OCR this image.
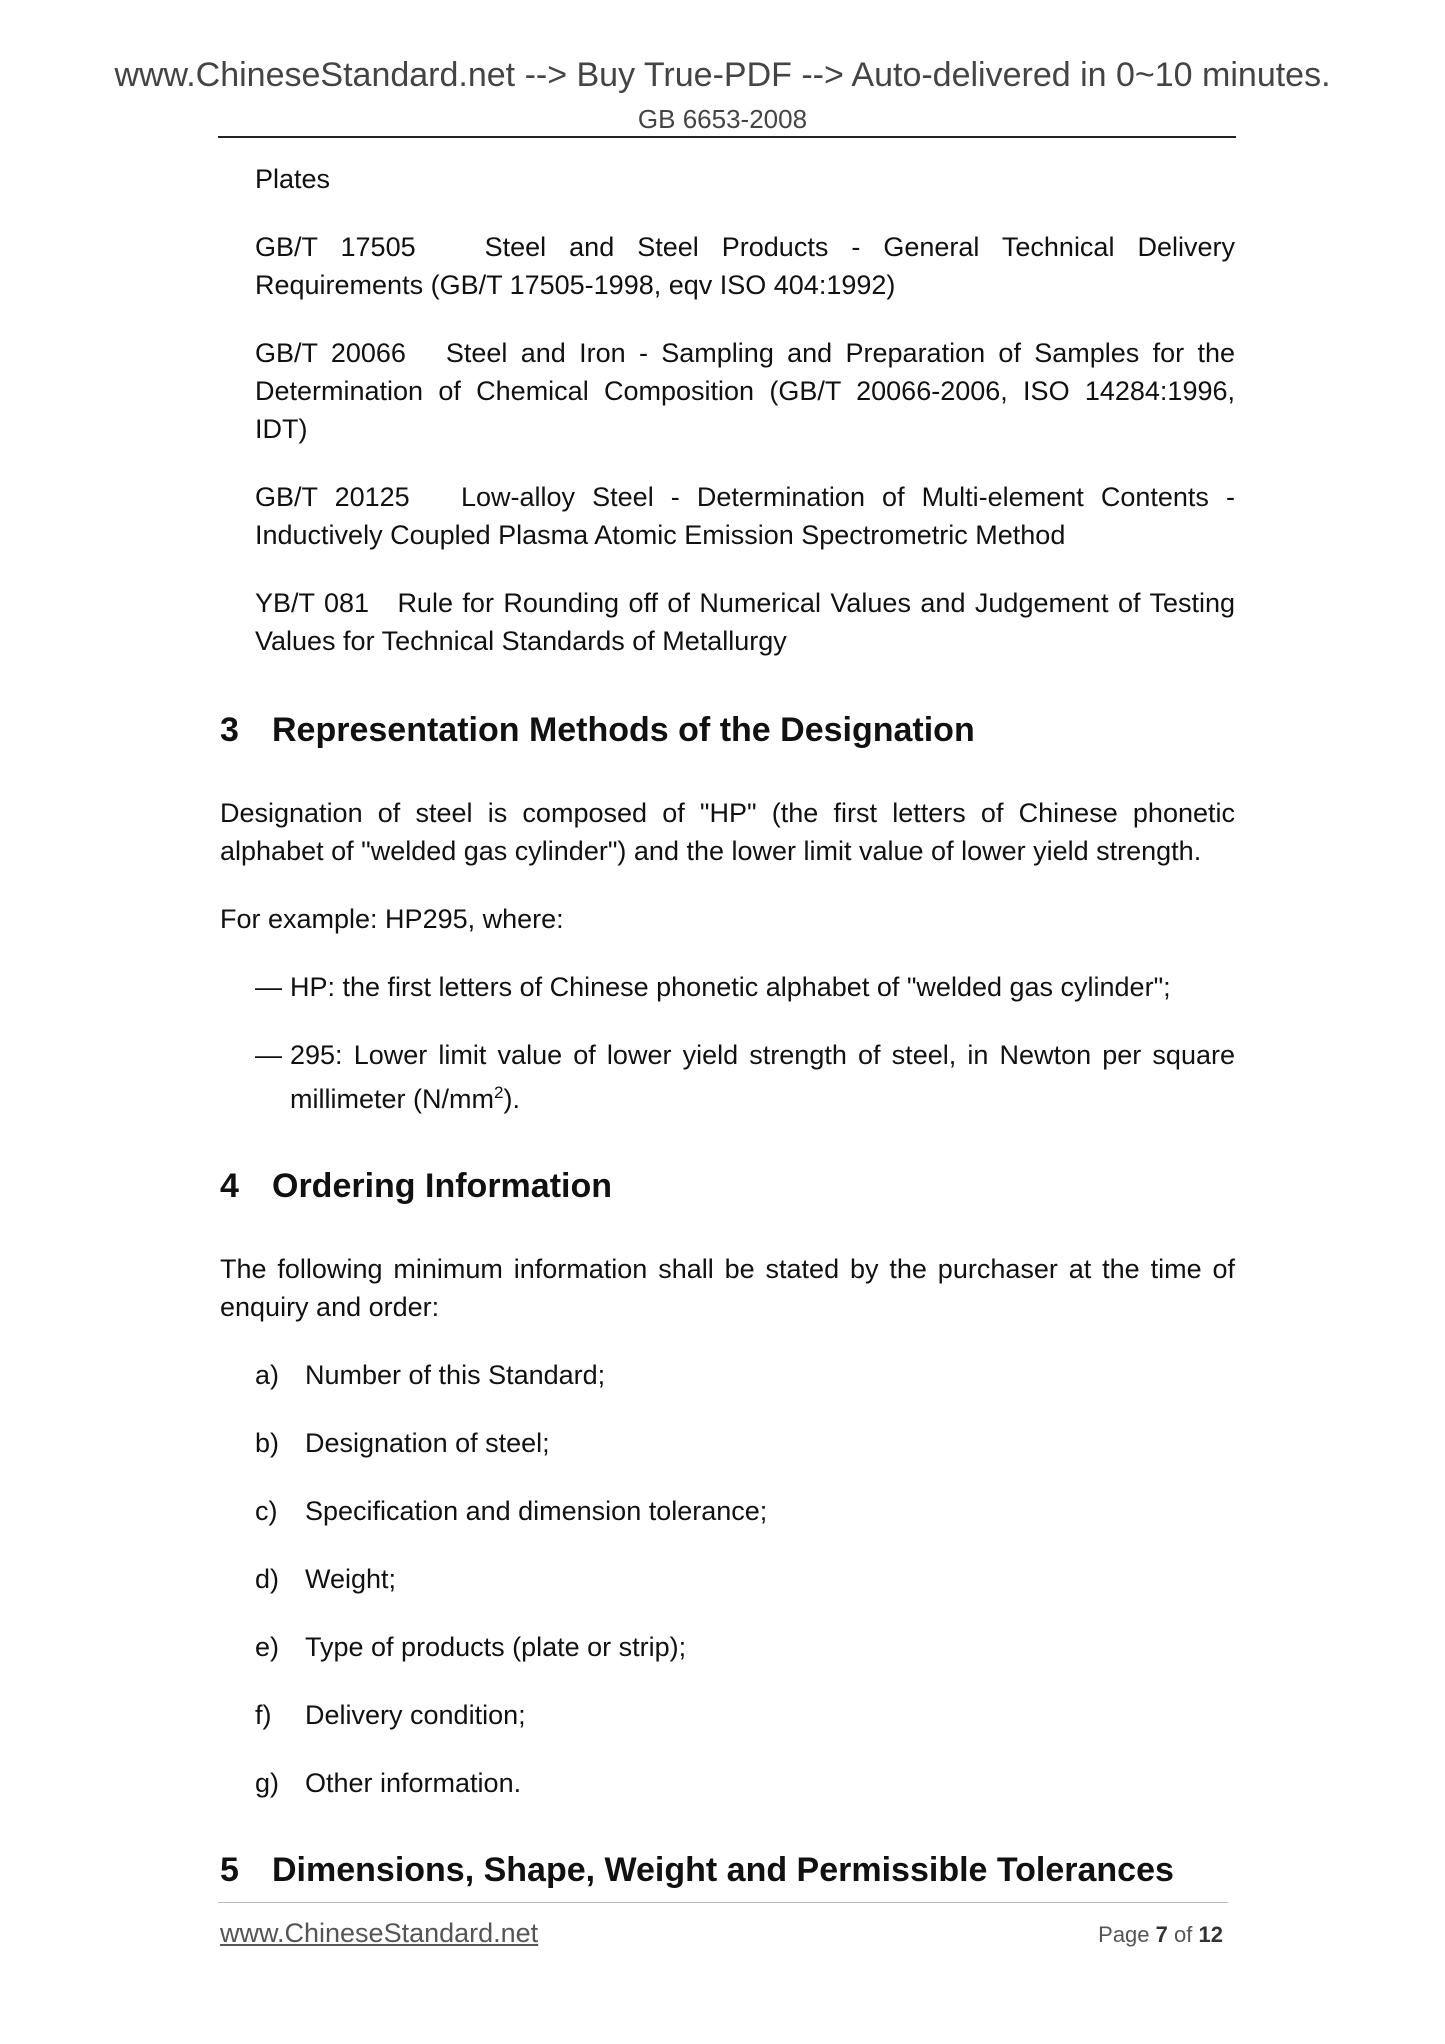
www.ChineseStandard.net --> Buy True-PDF --> Auto-delivered in 0~10 minutes.
GB 6653-2008

Plates

GB/T 17505	Steel and Steel Products - General Technical Delivery Requirements (GB/T 17505-1998, eqv ISO 404:1992)

GB/T 20066 Steel and Iron - Sampling and Preparation of Samples for the Determination of Chemical Composition (GB/T 20066-2006, ISO 14284:1996, IDT)

GB/T 20125 Low-alloy Steel - Determination of Multi-element Contents - Inductively Coupled Plasma Atomic Emission Spectrometric Method

YB/T 081 Rule for Rounding off of Numerical Values and Judgement of Testing Values for Technical Standards of Metallurgy

3 Representation Methods of the Designation

Designation of steel is composed of "HP" (the first letters of Chinese phonetic alphabet of "welded gas cylinder") and the lower limit value of lower yield strength.

For example: HP295, where:

— HP: the first letters of Chinese phonetic alphabet of "welded gas cylinder";

— 295: Lower limit value of lower yield strength of steel, in Newton per square millimeter $(N/mm^2)$.

4 Ordering Information

The following minimum information shall be stated by the purchaser at the time of enquiry and order:

a) Number of this Standard;

b) Designation of steel;

c) Specification and dimension tolerance;

d) Weight;

e) Type of products (plate or strip);

f) Delivery condition;

g) Other information.

5 Dimensions, Shape, Weight and Permissible Tolerances
www.ChineseStandard.net	Page 7 of 12
